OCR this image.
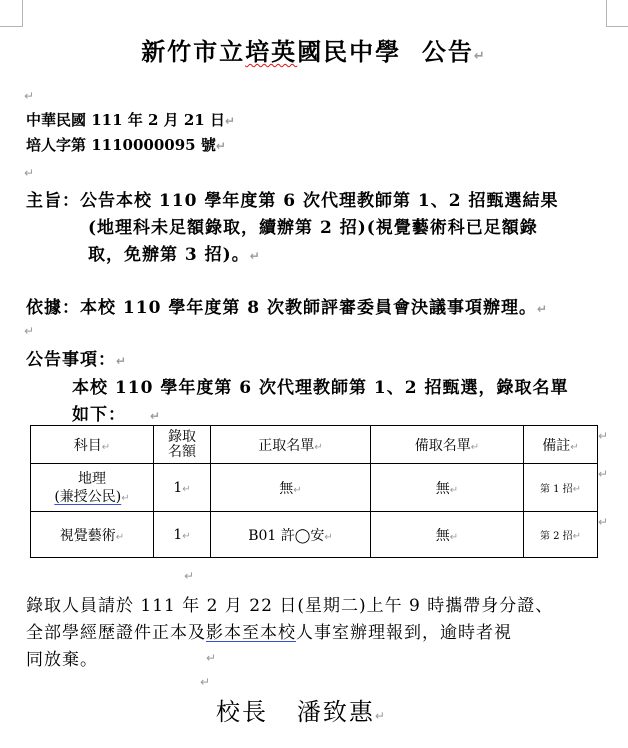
新竹市立培英國民中學 公告↵
↵
中華民國 111 年 2 月 21 日↵
培人字第 1110000095 號↵
↵
主旨：公告本校 110 學年度第 6 次代理教師第 1、2 招甄選結果
(地理科未足額錄取，續辦第 2 招)(視覺藝術科已足額錄
取，免辦第 3 招)。↵
依據：本校 110 學年度第 8 次教師評審委員會決議事項辦理。↵
↵
公告事項：↵
本校 110 學年度第 6 次代理教師第 1、2 招甄選，錄取名單
如下： ↵
科目↵	錄取
名額	正取名單↵	備取名單↵	備註↵
地理
(兼授公民)↵	1↵	無↵	無↵	第 1 招↵
視覺藝術↵	1↵	B01 許◯安↵	無↵	第 2 招↵
↵
↵
↵
↵
錄取人員請於 111 年 2 月 22 日(星期二)上午 9 時攜帶身分證、
全部學經歷證件正本及影本至本校人事室辦理報到，逾時者視
同放棄。	↵
↵
校長 潘致惠↵
